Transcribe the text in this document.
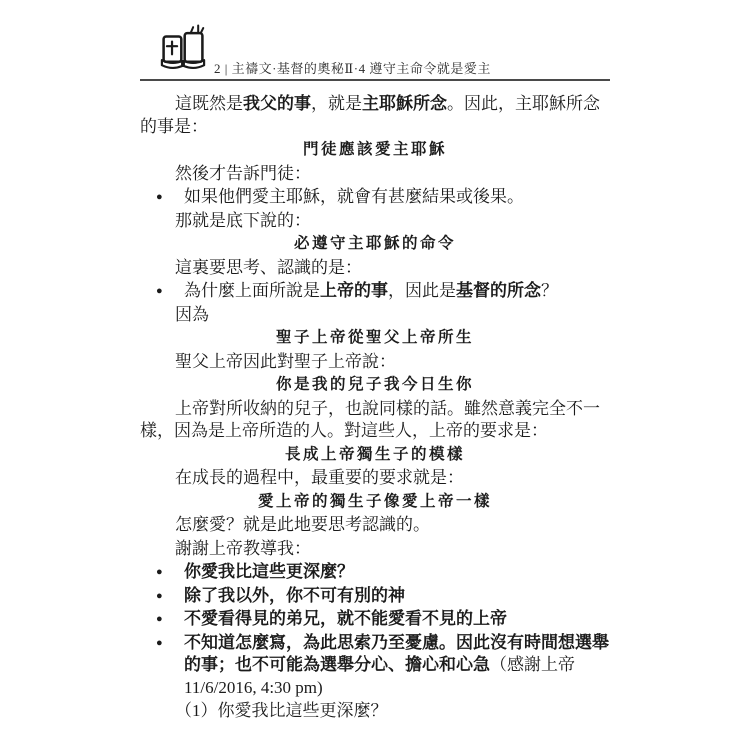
2 | 主禱文·基督的奧秘Ⅱ·4 遵守主命令就是愛主

這既然是我父的事，就是主耶穌所念。因此，主耶穌所念的事是：

門徒應該愛主耶穌

然後才告訴門徒：

● 如果他們愛主耶穌，就會有甚麼結果或後果。

那就是底下說的：

必遵守主耶穌的命令

這裏要思考、認識的是：

● 為什麼上面所說是上帝的事，因此是基督的所念？

因為

聖子上帝從聖父上帝所生

聖父上帝因此對聖子上帝說：

你是我的兒子我今日生你

上帝對所收納的兒子，也說同樣的話。雖然意義完全不一樣，因為是上帝所造的人。對這些人，上帝的要求是：

長成上帝獨生子的模樣

在成長的過程中，最重要的要求就是：

愛上帝的獨生子像愛上帝一樣

怎麼愛？就是此地要思考認識的。

謝謝上帝教導我：

● 你愛我比這些更深麼？
● 除了我以外，你不可有別的神
● 不愛看得見的弟兄，就不能愛看不見的上帝
● 不知道怎麼寫，為此思索乃至憂慮。因此沒有時間想選舉的事；也不可能為選舉分心、擔心和心急（感謝上帝 11/6/2016, 4:30 pm)

（1）你愛我比這些更深麼？
